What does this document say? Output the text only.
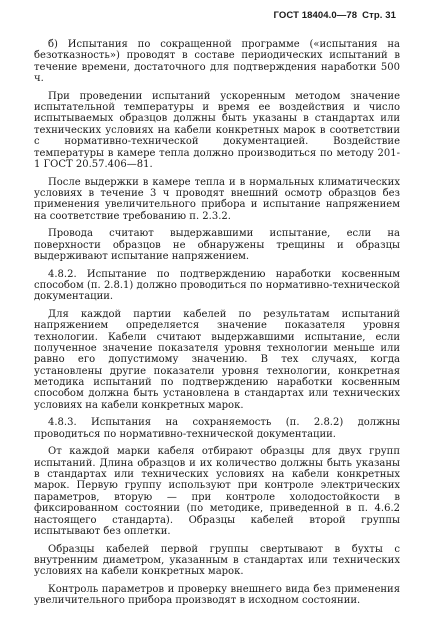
ГОСТ 18404.0—78 Стр. 31

б) Испытания по сокращенной программе («испытания на безотказность») проводят в составе периодических испытаний в течение времени, достаточного для подтверждения наработки 500 ч.

При проведении испытаний ускоренным методом значение испытательной температуры и время ее воздействия и число испытываемых образцов должны быть указаны в стандартах или технических условиях на кабели конкретных марок в соответствии с нормативно-технической документацией. Воздействие температуры в камере тепла должно производиться по методу 201-1 ГОСТ 20.57.406—81.

После выдержки в камере тепла и в нормальных климатических условиях в течение 3 ч проводят внешний осмотр образцов без применения увеличительного прибора и испытание напряжением на соответствие требованию п. 2.3.2.

Провода считают выдержавшими испытание, если на поверхности образцов не обнаружены трещины и образцы выдерживают испытание напряжением.

4.8.2. Испытание по подтверждению наработки косвенным способом (п. 2.8.1) должно проводиться по нормативно-технической документации.

Для каждой партии кабелей по результатам испытаний напряжением определяется значение показателя уровня технологии. Кабели считают выдержавшими испытание, если полученное значение показателя уровня технологии меньше или равно его допустимому значению. В тех случаях, когда установлены другие показатели уровня технологии, конкретная методика испытаний по подтверждению наработки косвенным способом должна быть установлена в стандартах или технических условиях на кабели конкретных марок.

4.8.3. Испытания на сохраняемость (п. 2.8.2) должны проводиться по нормативно-технической документации.

От каждой марки кабеля отбирают образцы для двух групп испытаний. Длина образцов и их количество должны быть указаны в стандартах или технических условиях на кабели конкретных марок. Первую группу используют при контроле электрических параметров, вторую — при контроле холодостойкости в фиксированном состоянии (по методике, приведенной в п. 4.6.2 настоящего стандарта). Образцы кабелей второй группы испытывают без оплетки.

Образцы кабелей первой группы свертывают в бухты с внутренним диаметром, указанным в стандартах или технических условиях на кабели конкретных марок.

Контроль параметров и проверку внешнего вида без применения увеличительного прибора производят в исходном состоянии.
